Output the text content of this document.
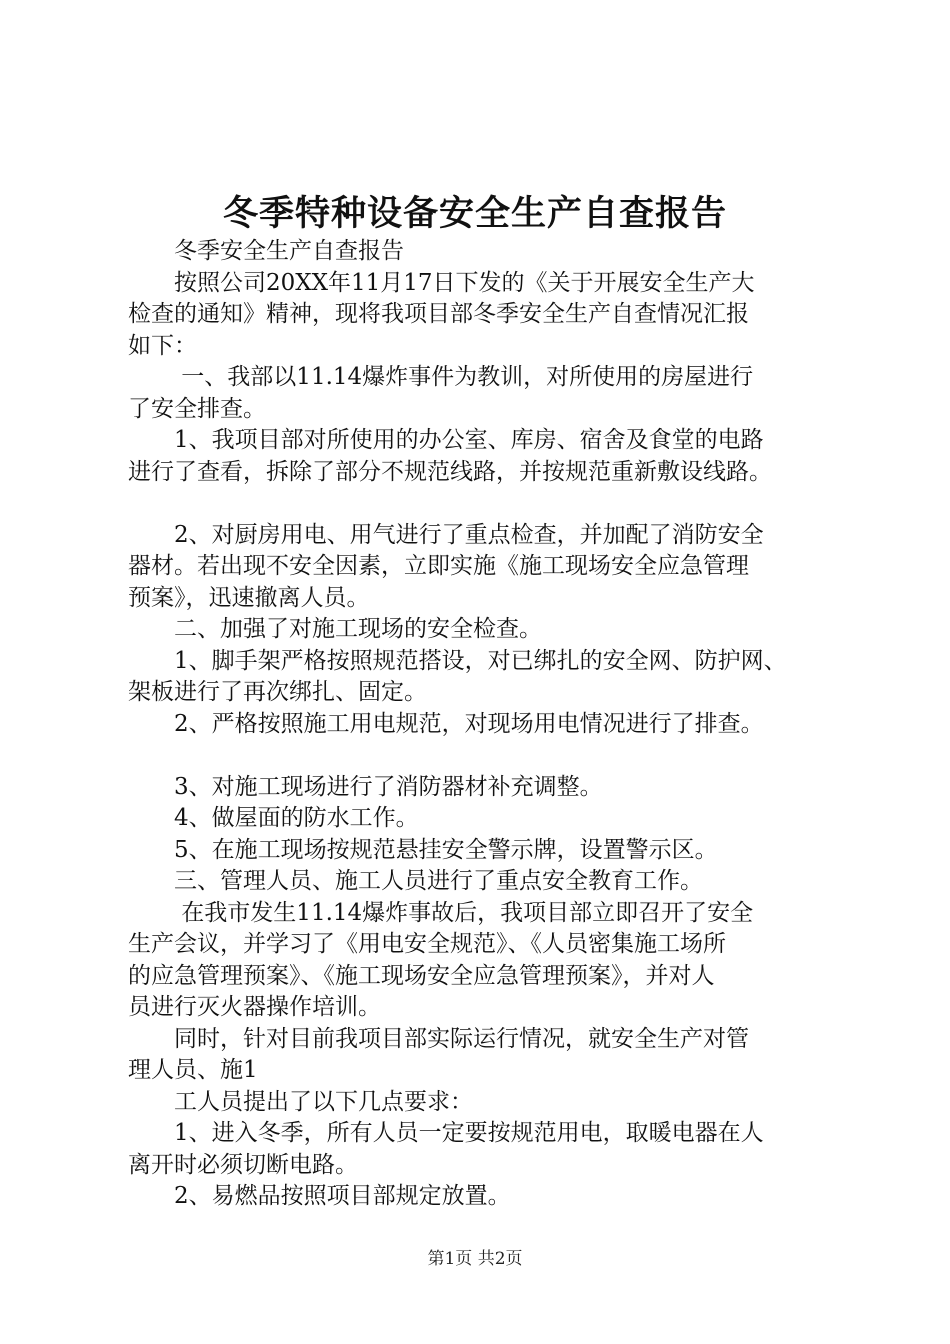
冬季特种设备安全生产自查报告
　　冬季安全生产自查报告
　　按照公司20XX年11月17日下发的《关于开展安全生产大
检查的通知》精神，现将我项目部冬季安全生产自查情况汇报
如下：
　　 一、我部以11.14爆炸事件为教训，对所使用的房屋进行
了安全排查。
　　1、我项目部对所使用的办公室、库房、宿舍及食堂的电路
进行了查看，拆除了部分不规范线路，并按规范重新敷设线路。
　　2、对厨房用电、用气进行了重点检查，并加配了消防安全
器材。若出现不安全因素，立即实施《施工现场安全应急管理
预案》，迅速撤离人员。
　　二、加强了对施工现场的安全检查。
　　1、脚手架严格按照规范搭设，对已绑扎的安全网、防护网、
架板进行了再次绑扎、固定。
　　2、严格按照施工用电规范，对现场用电情况进行了排查。
　　3、对施工现场进行了消防器材补充调整。
　　4、做屋面的防水工作。
　　5、在施工现场按规范悬挂安全警示牌，设置警示区。
　　三、管理人员、施工人员进行了重点安全教育工作。
　　 在我市发生11.14爆炸事故后，我项目部立即召开了安全
生产会议，并学习了《用电安全规范》、《人员密集施工场所
的应急管理预案》、《施工现场安全应急管理预案》，并对人
员进行灭火器操作培训。
　　同时，针对目前我项目部实际运行情况，就安全生产对管
理人员、施1
　　工人员提出了以下几点要求：
　　1、进入冬季，所有人员一定要按规范用电，取暖电器在人
离开时必须切断电路。
　　2、易燃品按照项目部规定放置。
第1页 共2页
